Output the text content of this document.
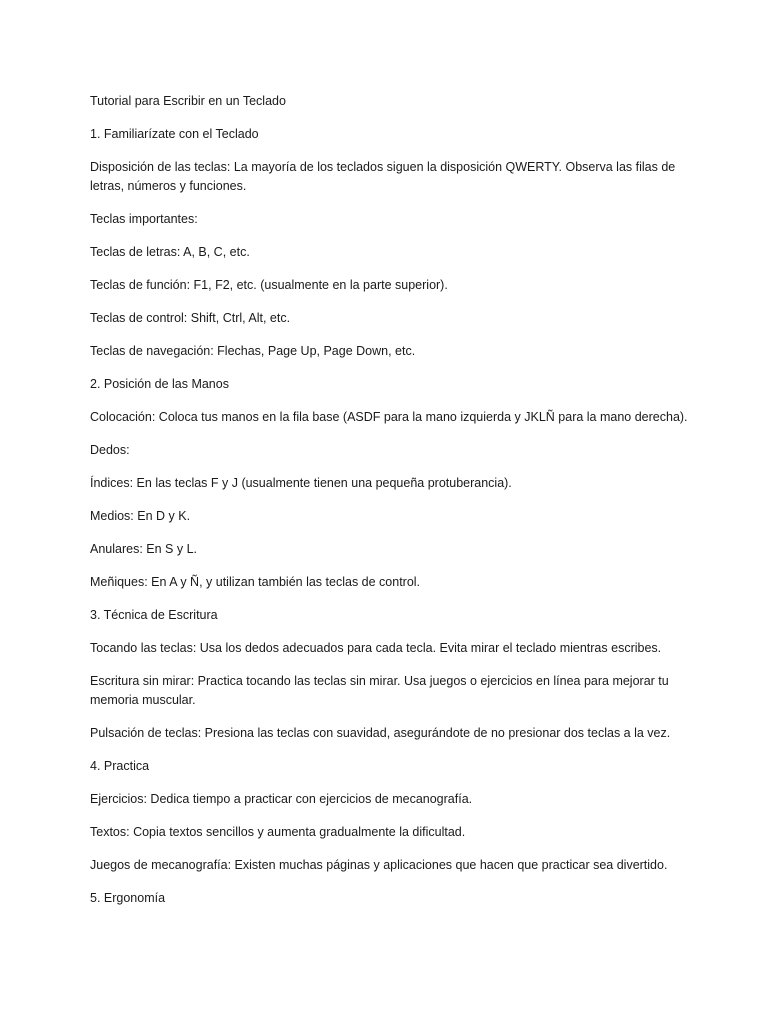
Tutorial para Escribir en un Teclado

1. Familiarízate con el Teclado

Disposición de las teclas: La mayoría de los teclados siguen la disposición QWERTY. Observa las filas de letras, números y funciones.

Teclas importantes:

Teclas de letras: A, B, C, etc.

Teclas de función: F1, F2, etc. (usualmente en la parte superior).

Teclas de control: Shift, Ctrl, Alt, etc.

Teclas de navegación: Flechas, Page Up, Page Down, etc.

2. Posición de las Manos

Colocación: Coloca tus manos en la fila base (ASDF para la mano izquierda y JKLÑ para la mano derecha).

Dedos:

Índices: En las teclas F y J (usualmente tienen una pequeña protuberancia).

Medios: En D y K.

Anulares: En S y L.

Meñiques: En A y Ñ, y utilizan también las teclas de control.

3. Técnica de Escritura

Tocando las teclas: Usa los dedos adecuados para cada tecla. Evita mirar el teclado mientras escribes.

Escritura sin mirar: Practica tocando las teclas sin mirar. Usa juegos o ejercicios en línea para mejorar tu memoria muscular.

Pulsación de teclas: Presiona las teclas con suavidad, asegurándote de no presionar dos teclas a la vez.

4. Practica

Ejercicios: Dedica tiempo a practicar con ejercicios de mecanografía.

Textos: Copia textos sencillos y aumenta gradualmente la dificultad.

Juegos de mecanografía: Existen muchas páginas y aplicaciones que hacen que practicar sea divertido.

5. Ergonomía
